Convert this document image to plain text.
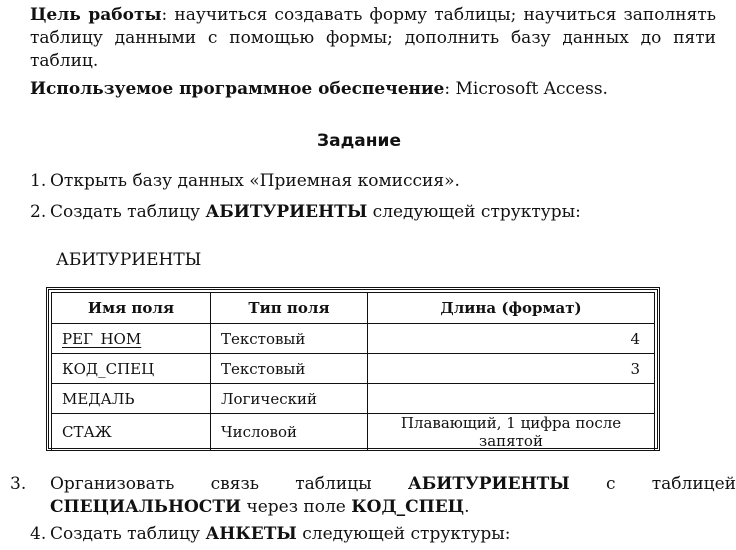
Цель работы: научиться создавать форму таблицы; научиться заполнять таблицу данными с помощью формы; дополнить базу данных до пяти таблиц.
Используемое программное обеспечение: Microsoft Access.
Задание
1. Открыть базу данных «Приемная комиссия».
2. Создать таблицу АБИТУРИЕНТЫ следующей структуры:
АБИТУРИЕНТЫ
Имя поля	Тип поля	Длина (формат)
РЕГ_НОМ	Текстовый	4
КОД_СПЕЦ	Текстовый	3
МЕДАЛЬ	Логический	
СТАЖ	Числовой	Плавающий, 1 цифра после запятой
3. Организовать связь таблицы АБИТУРИЕНТЫ с таблицей СПЕЦИАЛЬНОСТИ через поле КОД_СПЕЦ.
4. Создать таблицу АНКЕТЫ следующей структуры:
